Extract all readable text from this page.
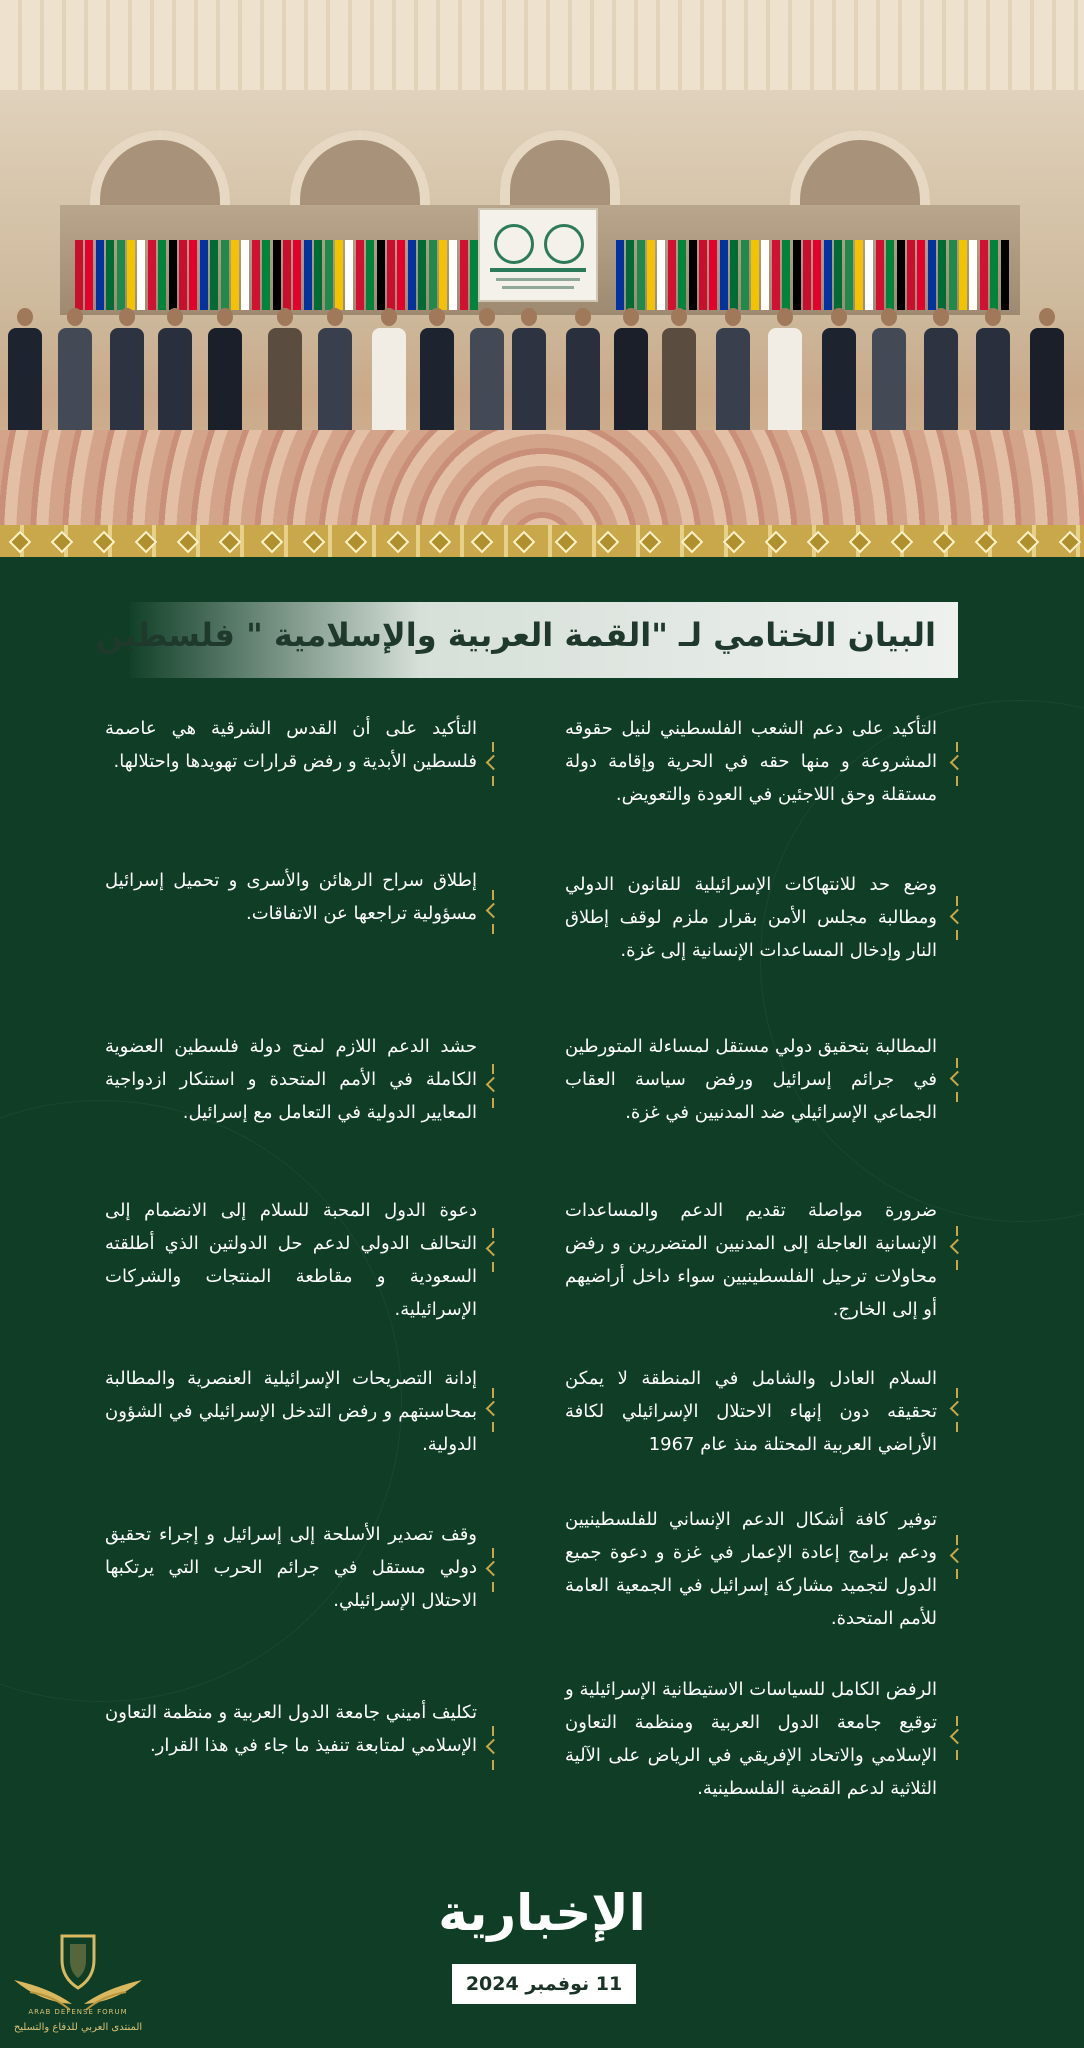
البيان الختامي لـ "القمة العربية والإسلامية " فلسطين
التأكيد على دعم الشعب الفلسطيني لنيل حقوقه المشروعة و منها حقه في الحرية وإقامة دولة مستقلة وحق اللاجئين في العودة والتعويض.
وضع حد للانتهاكات الإسرائيلية للقانون الدولي ومطالبة مجلس الأمن بقرار ملزم لوقف إطلاق النار وإدخال المساعدات الإنسانية إلى غزة.
المطالبة بتحقيق دولي مستقل لمساءلة المتورطين في جرائم إسرائيل ورفض سياسة العقاب الجماعي الإسرائيلي ضد المدنيين في غزة.
ضرورة مواصلة تقديم الدعم والمساعدات الإنسانية العاجلة إلى المدنيين المتضررين و رفض محاولات ترحيل الفلسطينيين سواء داخل أراضيهم أو إلى الخارج.
السلام العادل والشامل في المنطقة لا يمكن تحقيقه دون إنهاء الاحتلال الإسرائيلي لكافة الأراضي العربية المحتلة منذ عام 1967
توفير كافة أشكال الدعم الإنساني للفلسطينيين ودعم برامج إعادة الإعمار في غزة و دعوة جميع الدول لتجميد مشاركة إسرائيل في الجمعية العامة للأمم المتحدة.
الرفض الكامل للسياسات الاستيطانية الإسرائيلية و توقيع جامعة الدول العربية ومنظمة التعاون الإسلامي والاتحاد الإفريقي في الرياض على الآلية الثلاثية لدعم القضية الفلسطينية.
التأكيد على أن القدس الشرقية هي عاصمة فلسطين الأبدية و رفض قرارات تهويدها واحتلالها.
إطلاق سراح الرهائن والأسرى و تحميل إسرائيل مسؤولية تراجعها عن الاتفاقات.
حشد الدعم اللازم لمنح دولة فلسطين العضوية الكاملة في الأمم المتحدة و استنكار ازدواجية المعايير الدولية في التعامل مع إسرائيل.
دعوة الدول المحبة للسلام إلى الانضمام إلى التحالف الدولي لدعم حل الدولتين الذي أطلقته السعودية و مقاطعة المنتجات والشركات الإسرائيلية.
إدانة التصريحات الإسرائيلية العنصرية والمطالبة بمحاسبتهم و رفض التدخل الإسرائيلي في الشؤون الدولية.
وقف تصدير الأسلحة إلى إسرائيل و إجراء تحقيق دولي مستقل في جرائم الحرب التي يرتكبها الاحتلال الإسرائيلي.
تكليف أميني جامعة الدول العربية و منظمة التعاون الإسلامي لمتابعة تنفيذ ما جاء في هذا القرار.
الإخبارية
11 نوفمبر 2024
ARAB DEFENSE FORUM
المنتدى العربي للدفاع والتسليح
